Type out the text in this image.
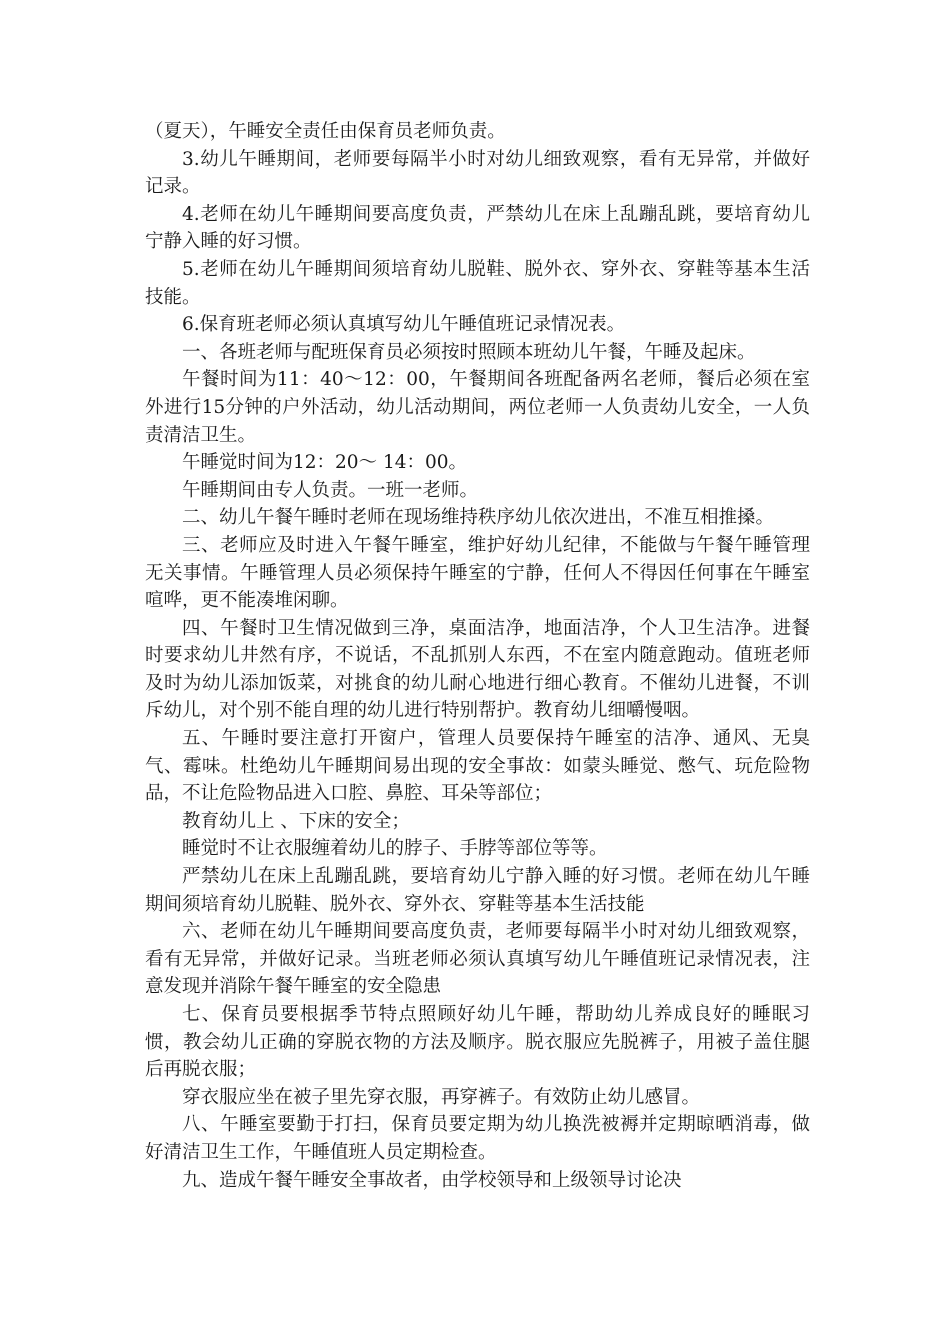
（夏天），午睡安全责任由保育员老师负责。

3.幼儿午睡期间，老师要每隔半小时对幼儿细致观察，看有无异常，并做好记录。

4.老师在幼儿午睡期间要高度负责，严禁幼儿在床上乱蹦乱跳，要培育幼儿宁静入睡的好习惯。

5.老师在幼儿午睡期间须培育幼儿脱鞋、脱外衣、穿外衣、穿鞋等基本生活技能。

6.保育班老师必须认真填写幼儿午睡值班记录情况表。

一、各班老师与配班保育员必须按时照顾本班幼儿午餐，午睡及起床。

午餐时间为11：40～12：00，午餐期间各班配备两名老师，餐后必须在室外进行15分钟的户外活动，幼儿活动期间，两位老师一人负责幼儿安全，一人负责清洁卫生。

午睡觉时间为12：20～ 14：00。

午睡期间由专人负责。一班一老师。

二、幼儿午餐午睡时老师在现场维持秩序幼儿依次进出，不准互相推搡。

三、老师应及时进入午餐午睡室，维护好幼儿纪律，不能做与午餐午睡管理无关事情。午睡管理人员必须保持午睡室的宁静，任何人不得因任何事在午睡室喧哗，更不能凑堆闲聊。

四、午餐时卫生情况做到三净，桌面洁净，地面洁净，个人卫生洁净。进餐时要求幼儿井然有序，不说话，不乱抓别人东西，不在室内随意跑动。值班老师及时为幼儿添加饭菜，对挑食的幼儿耐心地进行细心教育。不催幼儿进餐，不训斥幼儿，对个别不能自理的幼儿进行特别帮护。教育幼儿细嚼慢咽。

五、午睡时要注意打开窗户，管理人员要保持午睡室的洁净、通风、无臭气、霉味。杜绝幼儿午睡期间易出现的安全事故：如蒙头睡觉、憋气、玩危险物品，不让危险物品进入口腔、鼻腔、耳朵等部位；

教育幼儿上 、下床的安全；

睡觉时不让衣服缠着幼儿的脖子、手脖等部位等等。

严禁幼儿在床上乱蹦乱跳，要培育幼儿宁静入睡的好习惯。老师在幼儿午睡期间须培育幼儿脱鞋、脱外衣、穿外衣、穿鞋等基本生活技能

六、老师在幼儿午睡期间要高度负责，老师要每隔半小时对幼儿细致观察，看有无异常，并做好记录。当班老师必须认真填写幼儿午睡值班记录情况表，注意发现并消除午餐午睡室的安全隐患

七、保育员要根据季节特点照顾好幼儿午睡，帮助幼儿养成良好的睡眠习惯，教会幼儿正确的穿脱衣物的方法及顺序。脱衣服应先脱裤子，用被子盖住腿后再脱衣服；

穿衣服应坐在被子里先穿衣服，再穿裤子。有效防止幼儿感冒。

八、午睡室要勤于打扫，保育员要定期为幼儿换洗被褥并定期晾晒消毒，做好清洁卫生工作，午睡值班人员定期检查。

九、造成午餐午睡安全事故者，由学校领导和上级领导讨论决
